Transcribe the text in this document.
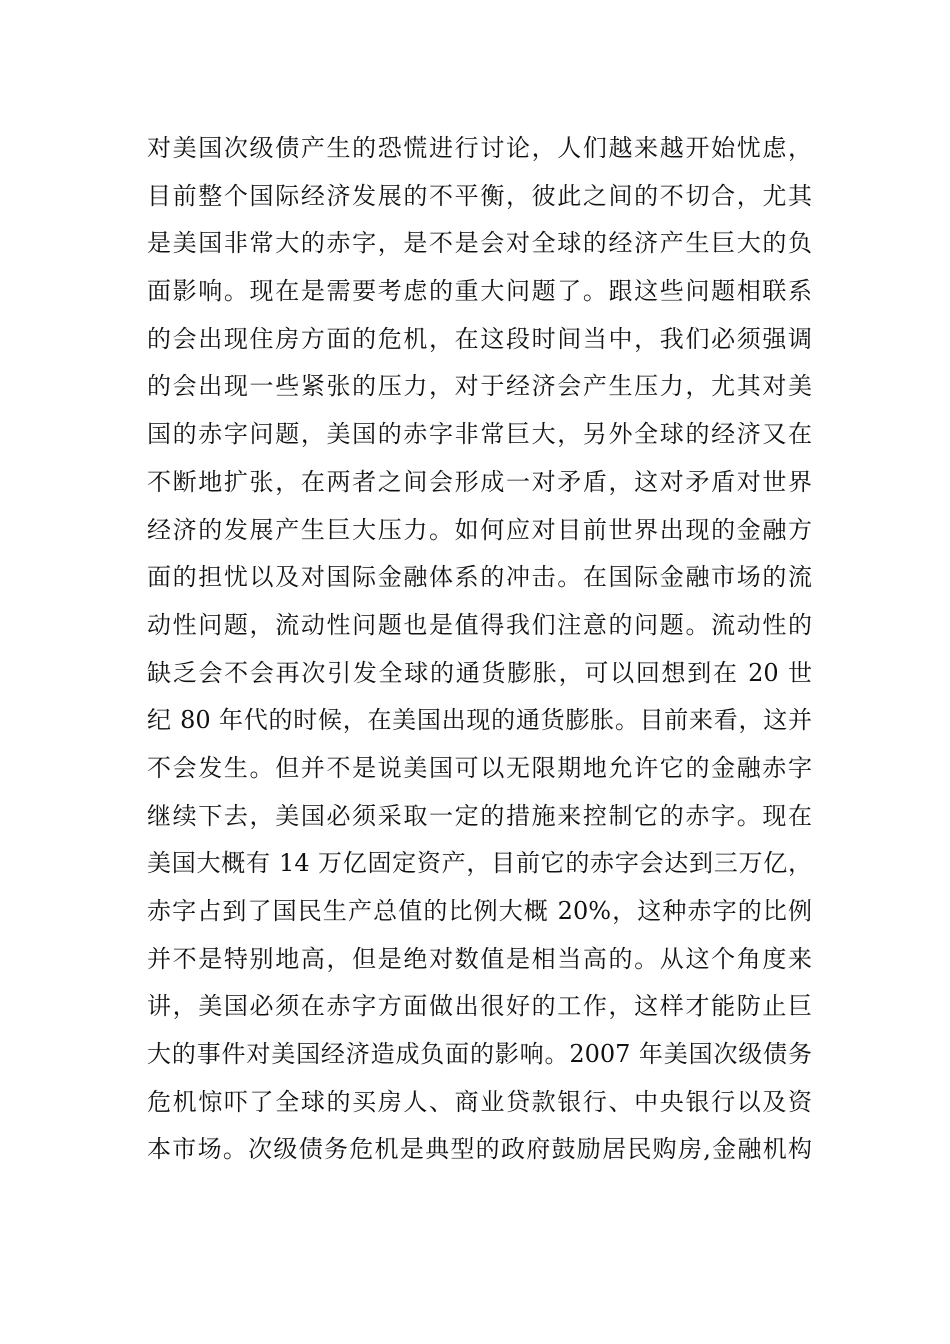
对美国次级债产生的恐慌进行讨论，人们越来越开始忧虑，
目前整个国际经济发展的不平衡，彼此之间的不切合，尤其
是美国非常大的赤字，是不是会对全球的经济产生巨大的负
面影响。现在是需要考虑的重大问题了。跟这些问题相联系
的会出现住房方面的危机，在这段时间当中，我们必须强调
的会出现一些紧张的压力，对于经济会产生压力，尤其对美
国的赤字问题，美国的赤字非常巨大，另外全球的经济又在
不断地扩张，在两者之间会形成一对矛盾，这对矛盾对世界
经济的发展产生巨大压力。如何应对目前世界出现的金融方
面的担忧以及对国际金融体系的冲击。在国际金融市场的流
动性问题，流动性问题也是值得我们注意的问题。流动性的
缺乏会不会再次引发全球的通货膨胀，可以回想到在 20 世
纪 80 年代的时候，在美国出现的通货膨胀。目前来看，这并
不会发生。但并不是说美国可以无限期地允许它的金融赤字
继续下去，美国必须采取一定的措施来控制它的赤字。现在
美国大概有 14 万亿固定资产，目前它的赤字会达到三万亿，
赤字占到了国民生产总值的比例大概 20%，这种赤字的比例
并不是特别地高，但是绝对数值是相当高的。从这个角度来
讲，美国必须在赤字方面做出很好的工作，这样才能防止巨
大的事件对美国经济造成负面的影响。2007 年美国次级债务
危机惊吓了全球的买房人、商业贷款银行、中央银行以及资
本市场。次级债务危机是典型的政府鼓励居民购房,金融机构
